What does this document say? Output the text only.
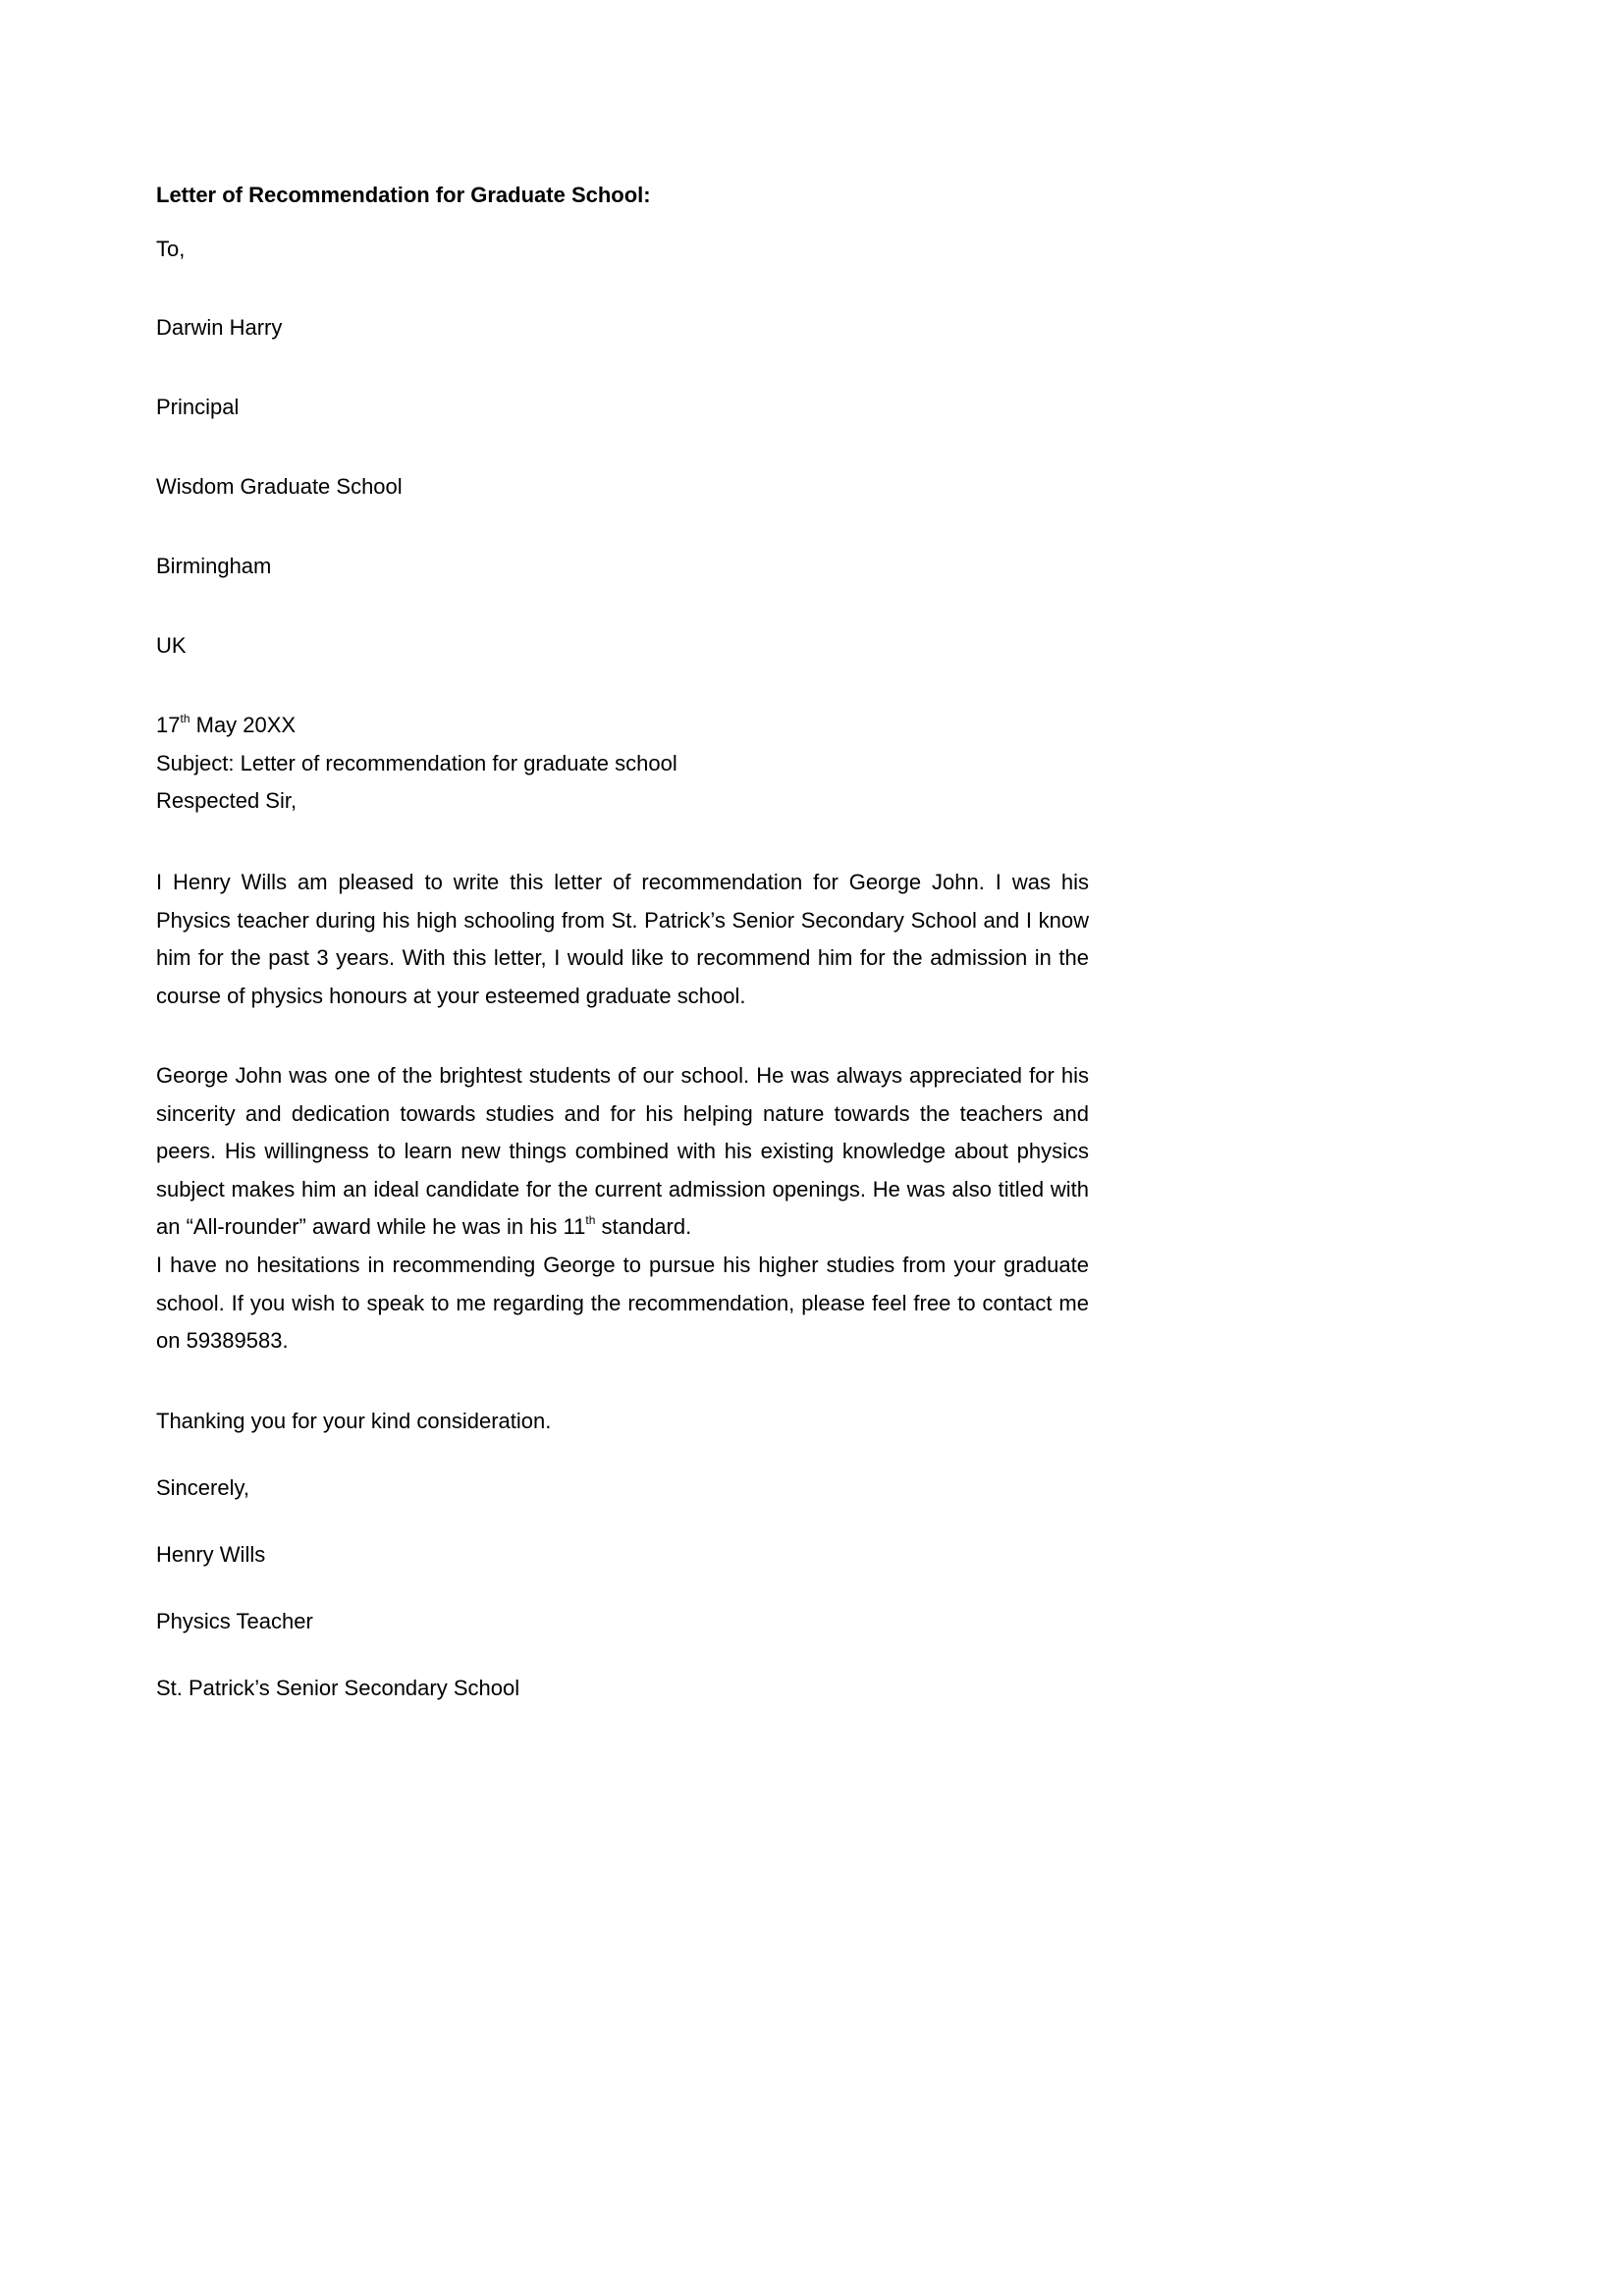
Letter of Recommendation for Graduate School:

To,

Darwin Harry

Principal

Wisdom Graduate School

Birmingham

UK

17th May 20XX

Subject: Letter of recommendation for graduate school

Respected Sir,

I Henry Wills am pleased to write this letter of recommendation for George John. I was his Physics teacher during his high schooling from St. Patrick’s Senior Secondary School and I know him for the past 3 years. With this letter, I would like to recommend him for the admission in the course of physics honours at your esteemed graduate school.

George John was one of the brightest students of our school. He was always appreciated for his sincerity and dedication towards studies and for his helping nature towards the teachers and peers. His willingness to learn new things combined with his existing knowledge about physics subject makes him an ideal candidate for the current admission openings. He was also titled with an “All-rounder” award while he was in his 11th standard.

I have no hesitations in recommending George to pursue his higher studies from your graduate school. If you wish to speak to me regarding the recommendation, please feel free to contact me on 59389583.

Thanking you for your kind consideration.

Sincerely,

Henry Wills

Physics Teacher

St. Patrick’s Senior Secondary School
